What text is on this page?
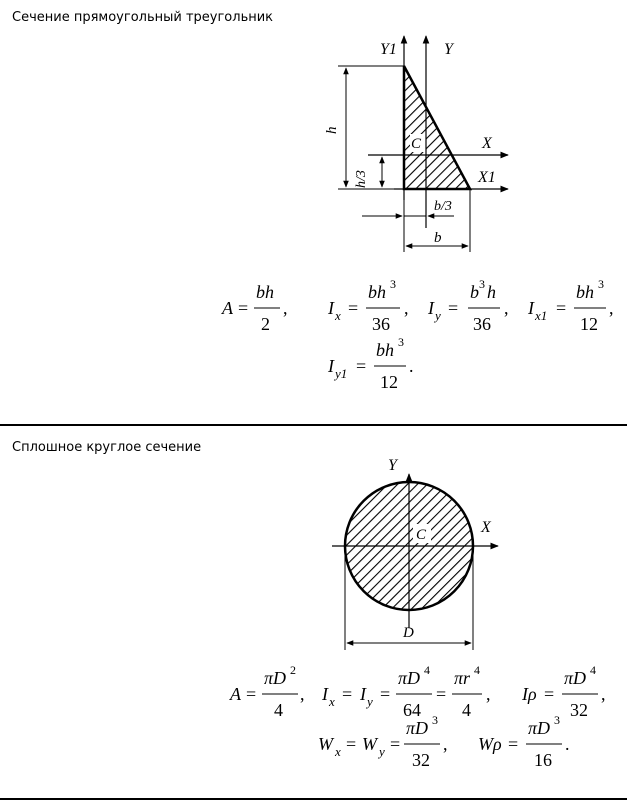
Сечение прямоугольный треугольник
Сплошное круглое сечение
Y1	Y
X
X1
C
h
h/3
b/3
b
A =
bh
2
, I x =
bh 3
36
, I y =
b 3 h
36
, I x1 =
bh 3
12
,
I y1 =
bh 3
12
.
Y
X
C
D
A =
πD 2
4
, I x = I y =
πD 4
64
=
πr 4
4
, Iρ =
πD 4
32
,
W x = W y =
πD 3
32
, Wρ =
πD 3
16
.
